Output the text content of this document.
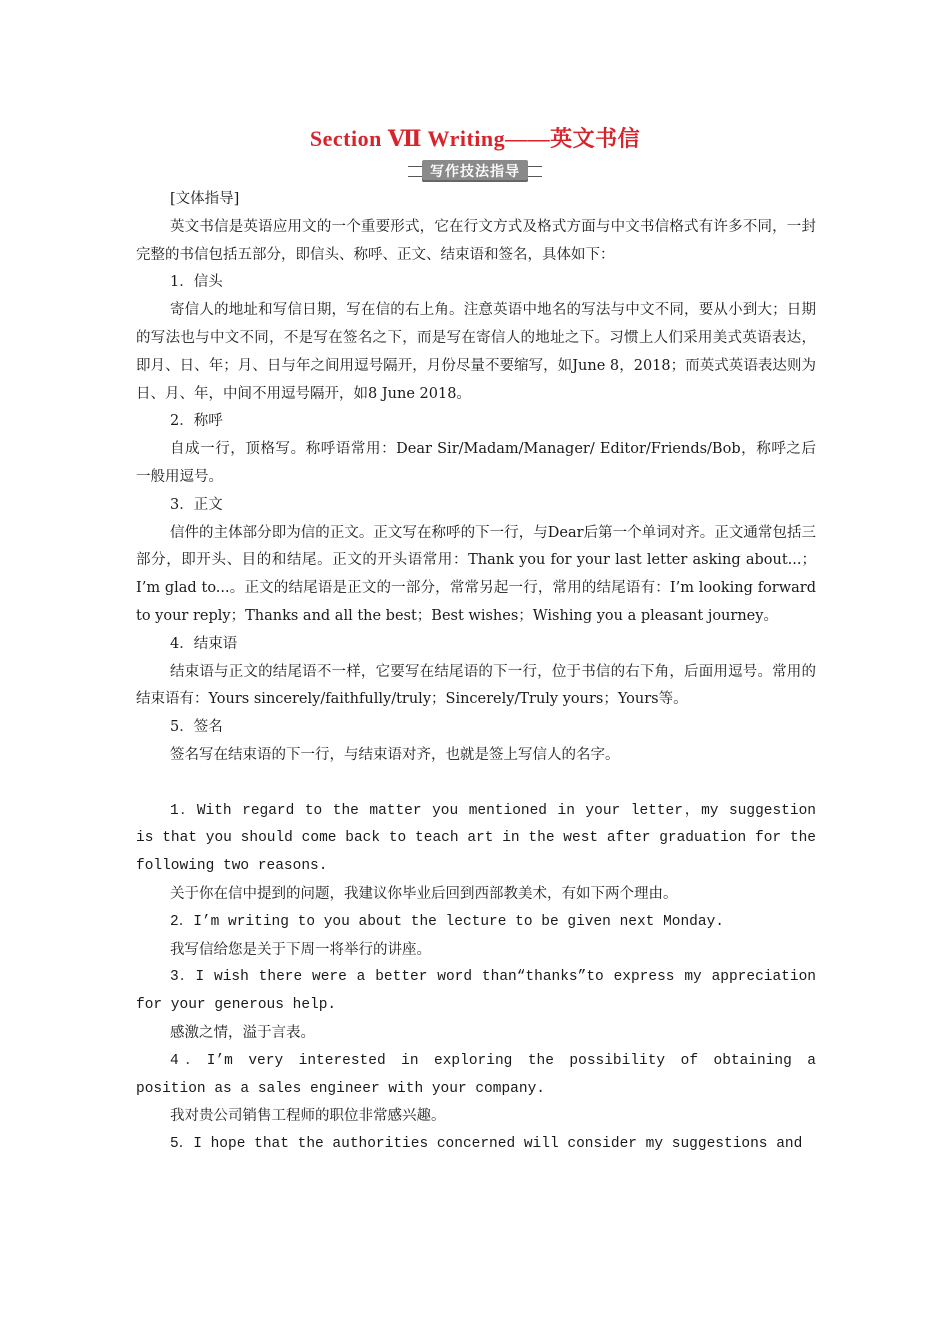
Section Ⅶ Writing——英文书信
写作技法指导

[文体指导]

英文书信是英语应用文的一个重要形式，它在行文方式及格式方面与中文书信格式有许多不同，一封完整的书信包括五部分，即信头、称呼、正文、结束语和签名，具体如下：

1．信头

寄信人的地址和写信日期，写在信的右上角。注意英语中地名的写法与中文不同，要从小到大；日期的写法也与中文不同，不是写在签名之下，而是写在寄信人的地址之下。习惯上人们采用美式英语表达，即月、日、年；月、日与年之间用逗号隔开，月份尽量不要缩写，如June 8，2018；而英式英语表达则为日、月、年，中间不用逗号隔开，如8 June 2018。

2．称呼

自成一行，顶格写。称呼语常用：Dear Sir/Madam/Manager/ Editor/Friends/Bob，称呼之后一般用逗号。

3．正文

信件的主体部分即为信的正文。正文写在称呼的下一行，与Dear后第一个单词对齐。正文通常包括三部分，即开头、目的和结尾。正文的开头语常用：Thank you for your last letter asking about...；I’m glad to...。正文的结尾语是正文的一部分，常常另起一行，常用的结尾语有：I’m looking forward to your reply；Thanks and all the best；Best wishes；Wishing you a pleasant journey。

4．结束语

结束语与正文的结尾语不一样，它要写在结尾语的下一行，位于书信的右下角，后面用逗号。常用的结束语有：Yours sincerely/faithfully/truly；Sincerely/Truly yours；Yours等。

5．签名

签名写在结束语的下一行，与结束语对齐，也就是签上写信人的名字。

1．With regard to the matter you mentioned in your letter，my suggestion is that you should come back to teach art in the west after graduation for the following two reasons.

关于你在信中提到的问题，我建议你毕业后回到西部教美术，有如下两个理由。

2．I’m writing to you about the lecture to be given next Monday.

我写信给您是关于下周一将举行的讲座。

3．I wish there were a better word than“thanks”to express my appreciation for your generous help.

感激之情，溢于言表。

4．I’m very interested in exploring the possibility of obtaining a position as a sales engineer with your company.

我对贵公司销售工程师的职位非常感兴趣。

5．I hope that the authorities concerned will consider my suggestions and
